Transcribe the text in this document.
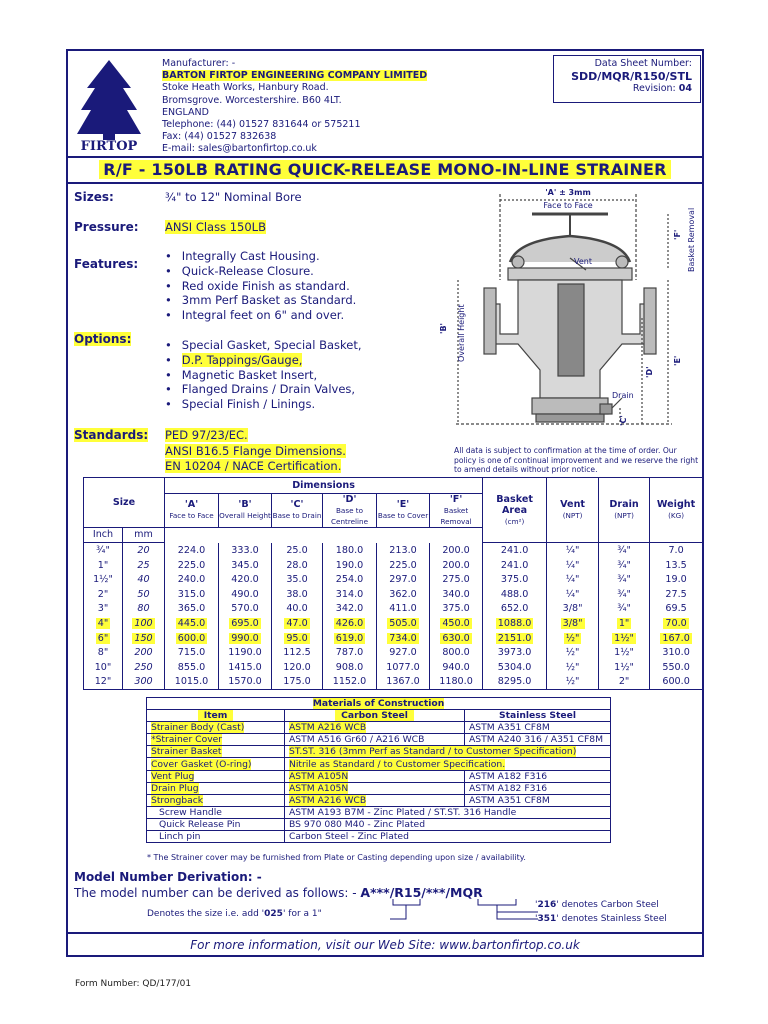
FIRTOP
Manufacturer: -
BARTON FIRTOP ENGINEERING COMPANY LIMITED
Stoke Heath Works, Hanbury Road.
Bromsgrove. Worcestershire. B60 4LT.
ENGLAND
Telephone: (44) 01527 831644 or 575211
Fax: (44) 01527 832638
E-mail: sales@bartonfirtop.co.uk
Data Sheet Number:
SDD/MQR/R150/STL
Revision: 04
R/F - 150LB RATING QUICK-RELEASE MONO-IN-LINE STRAINER
Sizes:	¾" to 12" Nominal Bore
Pressure: ANSI Class 150LB
Features:
• Integrally Cast Housing.
• Quick-Release Closure.
• Red oxide Finish as standard.
• 3mm Perf Basket as Standard.
• Integral feet on 6" and over.
Options:	• Special Gasket, Special Basket,
• D.P. Tappings/Gauge,
• Magnetic Basket Insert,
• Flanged Drains / Drain Valves,
• Special Finish / Linings.
Standards: PED 97/23/EC.
ANSI B16.5 Flange Dimensions.
EN 10204 / NACE Certification.
'A' ± 3mm
Face to Face
'F' Basket Removal
'B' Overall Height
'D'
'E'
'C'
Vent
Drain
All data is subject to confirmation at the time of order. Our policy is one of continual improvement and we reserve the right to amend details without prior notice.
Size		Dimensions						Basket Area
(cm²)	Vent
(NPT)	Drain
(NPT)	Weight
(KG)
		'A'
Face to Face	'B'
Overall Height	'C'
Base to Drain	'D'
Base to Centreline	'E'
Base to Cover	'F'
Basket Removal				
Inch	mm										
¾"	20	224.0	333.0	25.0	180.0	213.0	200.0	241.0	¼"	¾"	7.0
1"	25	225.0	345.0	28.0	190.0	225.0	200.0	241.0	¼"	¾"	13.5
1½"	40	240.0	420.0	35.0	254.0	297.0	275.0	375.0	¼"	¾"	19.0
2"	50	315.0	490.0	38.0	314.0	362.0	340.0	488.0	¼"	¾"	27.5
3"	80	365.0	570.0	40.0	342.0	411.0	375.0	652.0	3/8"	¾"	69.5
4"	100	445.0	695.0	47.0	426.0	505.0	450.0	1088.0	3/8"	1"	70.0
6"	150	600.0	990.0	95.0	619.0	734.0	630.0	2151.0	½"	1½"	167.0
8"	200	715.0	1190.0	112.5	787.0	927.0	800.0	3973.0	½"	1½"	310.0
10"	250	855.0	1415.0	120.0	908.0	1077.0	940.0	5304.0	½"	1½"	550.0
12"	300	1015.0	1570.0	175.0	1152.0	1367.0	1180.0	8295.0	½"	2"	600.0
Materials of Construction		
Item	Carbon Steel	Stainless Steel
Strainer Body (Cast)	ASTM A216 WCB	ASTM A351 CF8M
*Strainer Cover	ASTM A516 Gr60 / A216 WCB	ASTM A240 316 / A351 CF8M
Strainer Basket	ST.ST. 316 (3mm Perf as Standard / to Customer Specification)	
Cover Gasket (O-ring)	Nitrile as Standard / to Customer Specification.	
Vent Plug	ASTM A105N	ASTM A182 F316
Drain Plug	ASTM A105N	ASTM A182 F316
Strongback	ASTM A216 WCB	ASTM A351 CF8M
Screw Handle	ASTM A193 B7M - Zinc Plated / ST.ST. 316 Handle	
Quick Release Pin	BS 970 080 M40 - Zinc Plated	
Linch pin	Carbon Steel - Zinc Plated	
* The Strainer cover may be furnished from Plate or Casting depending upon size / availability.
Model Number Derivation: -
The model number can be derived as follows: - A***/R15/***/MQR
Denotes the size i.e. add '025' for a 1"
'216' denotes Carbon Steel
'351' denotes Stainless Steel
For more information, visit our Web Site: www.bartonfirtop.co.uk
Form Number: QD/177/01
